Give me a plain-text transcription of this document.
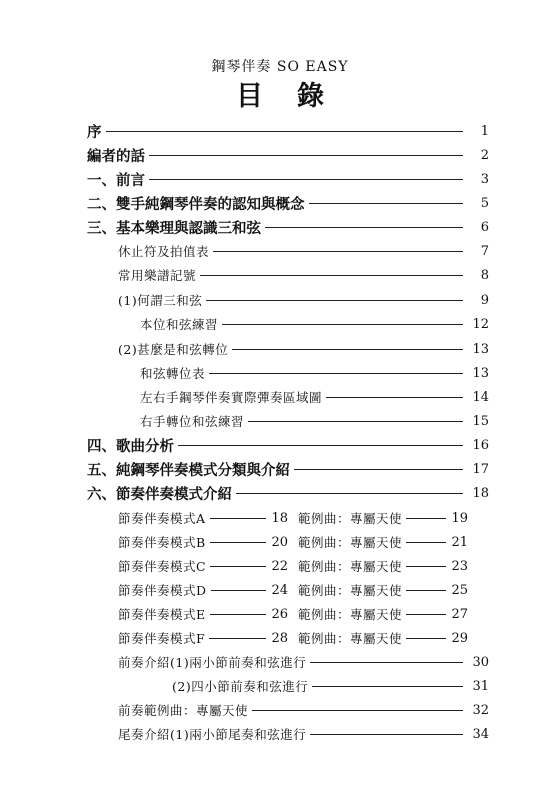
鋼琴伴奏 SO EASY
目錄
序	1
編者的話	2
一、前言	3
二、雙手純鋼琴伴奏的認知與概念	5
三、基本樂理與認識三和弦	6
休止符及拍值表	7
常用樂譜記號	8
(1)何謂三和弦	9
本位和弦練習	12
(2)甚麼是和弦轉位	13
和弦轉位表	13
左右手鋼琴伴奏實際彈奏區域圖	14
右手轉位和弦練習	15
四、歌曲分析	16
五、純鋼琴伴奏模式分類與介紹	17
六、節奏伴奏模式介紹	18
節奏伴奏模式A	18 範例曲：專屬天使	19
節奏伴奏模式B	20 範例曲：專屬天使	21
節奏伴奏模式C	22 範例曲：專屬天使	23
節奏伴奏模式D	24 範例曲：專屬天使	25
節奏伴奏模式E	26 範例曲：專屬天使	27
節奏伴奏模式F	28 範例曲：專屬天使	29
前奏介紹(1)兩小節前奏和弦進行	30
(2)四小節前奏和弦進行	31
前奏範例曲：專屬天使	32
尾奏介紹(1)兩小節尾奏和弦進行	34
